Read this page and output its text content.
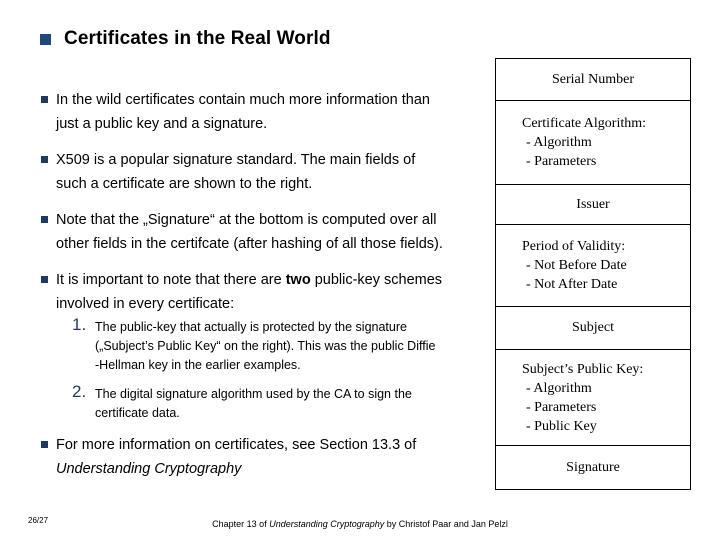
Certificates in the Real World

In the wild certificates contain much more information than

just a public key and a signature.

X509 is a popular signature standard. The main fields of

such a certificate are shown to the right.

Note that the „Signature“ at the bottom is computed over all

other fields in the certifcate (after hashing of all those fields).

It is important to note that there are two public-key schemes

involved in every certificate:

1. The public-key that actually is protected by the signature

(„Subject’s Public Key“ on the right). This was the public Diffie

-Hellman key in the earlier examples.

2. The digital signature algorithm used by the CA to sign the

certificate data.

For more information on certificates, see Section 13.3 of

Understanding Cryptography

Serial Number
Certificate Algorithm:
- Algorithm
- Parameters
Issuer
Period of Validity:
- Not Before Date
- Not After Date
Subject
Subject’s Public Key:
- Algorithm
- Parameters
- Public Key
Signature
26/27	Chapter 13 of Understanding Cryptography by Christof Paar and Jan Pelzl
